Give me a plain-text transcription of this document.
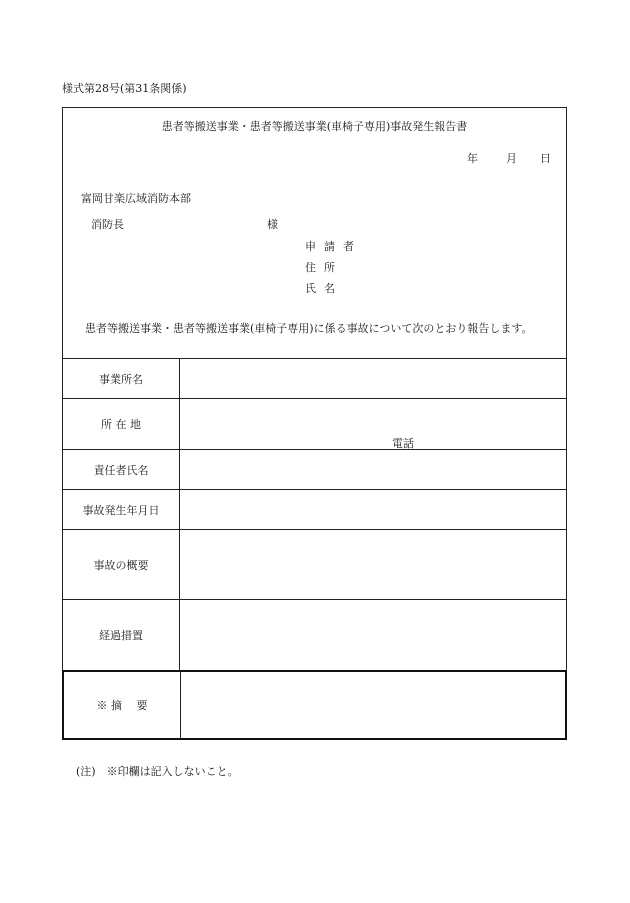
様式第28号(第31条関係)
患者等搬送事業・患者等搬送事業(車椅子専用)事故発生報告書
年	月 日
富岡甘楽広域消防本部
消防長	様
申請者
住所
氏名
患者等搬送事業・患者等搬送事業(車椅子専用)に係る事故について次のとおり報告します。
事業所名	
所 在 地	電話

責任者氏名	
事故発生年月日	
事故の概要	
経過措置	
※ 摘　 要
(注)　※印欄は記入しないこと。
